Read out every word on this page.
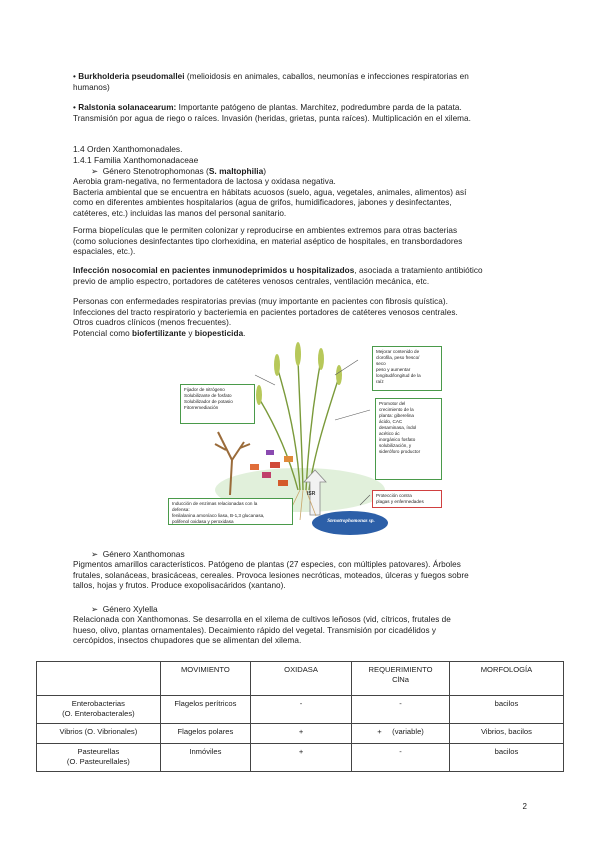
• Burkholderia pseudomallei (melioidosis en animales, caballos, neumonías e infecciones respiratorias en
humanos)
• Ralstonia solanacearum: Importante patógeno de plantas. Marchitez, podredumbre parda de la patata.
Transmisión por agua de riego o raíces. Invasión (heridas, grietas, punta raíces). Multiplicación en el xilema.
1.4 Orden Xanthomonadales.
1.4.1 Familia Xanthomonadaceae
➢ Género Stenotrophomonas (S. maltophilia)
Aerobia gram-negativa, no fermentadora de lactosa y oxidasa negativa.
Bacteria ambiental que se encuentra en hábitats acuosos (suelo, agua, vegetales, animales, alimentos) así
como en diferentes ambientes hospitalarios (agua de grifos, humidificadores, jabones y desinfectantes,
catéteres, etc.) incluidas las manos del personal sanitario.
Forma biopelículas que le permiten colonizar y reproducirse en ambientes extremos para otras bacterias
(como soluciones desinfectantes tipo clorhexidina, en material aséptico de hospitales, en transbordadores
espaciales, etc.).
Infección nosocomial en pacientes inmunodeprimidos u hospitalizados, asociada a tratamiento antibiótico
previo de amplio espectro, portadores de catéteres venosos centrales, ventilación mecánica, etc.
Personas con enfermedades respiratorias previas (muy importante en pacientes con fibrosis quística).
Infecciones del tracto respiratorio y bacteriemia en pacientes portadores de catéteres venosos centrales.
Otros cuadros clínicos (menos frecuentes).
Potencial como biofertilizante y biopesticida.
Fijador de nitrógeno
Solubilizante de fosfato
Solubilizador de potasio
Fitorremediación
Mejorar contenido de
clorofila, peso fresco/
seco
peso y aumentar
longitud/longitud de la
raíz
Promotor del
crecimiento de la
planta: giberelina
ácido, CAC
desaminasa, índol
acético ác
inorgánico fosfato
solubilización, y
sideróforo productor
Inducción de enzimas relacionadas con la
defensa:
fenilalanina amoníaco liasa, B-1,3 glucanasa,
polifenol oxidasa y peroxidasa
Protección contra
plagas y enfermedades
ISR
Stenotrophomonas sp.
➢ Género Xanthomonas
Pigmentos amarillos característicos. Patógeno de plantas (27 especies, con múltiples patovares). Árboles
frutales, solanáceas, brasicáceas, cereales. Provoca lesiones necróticas, moteados, úlceras y fuegos sobre
tallos, hojas y frutos. Produce exopolisacáridos (xantano).
➢ Género Xylella
Relacionada con Xanthomonas. Se desarrolla en el xilema de cultivos leñosos (vid, cítricos, frutales de
hueso, olivo, plantas ornamentales). Decaimiento rápido del vegetal. Transmisión por cicadélidos y
cercópidos, insectos chupadores que se alimentan del xilema.
	MOVIMIENTO	OXIDASA	REQUERIMIENTO
ClNa	MORFOLOGÍA

Enterobacterias
(O. Enterobacterales)	Flagelos perítricos	-	-	bacilos

Vibrios (O. Vibrionales)	Flagelos polares	+	+     (variable)	Vibrios, bacilos

Pasteurellas
(O. Pasteurellales)	Inmóviles	+	-	bacilos
2
